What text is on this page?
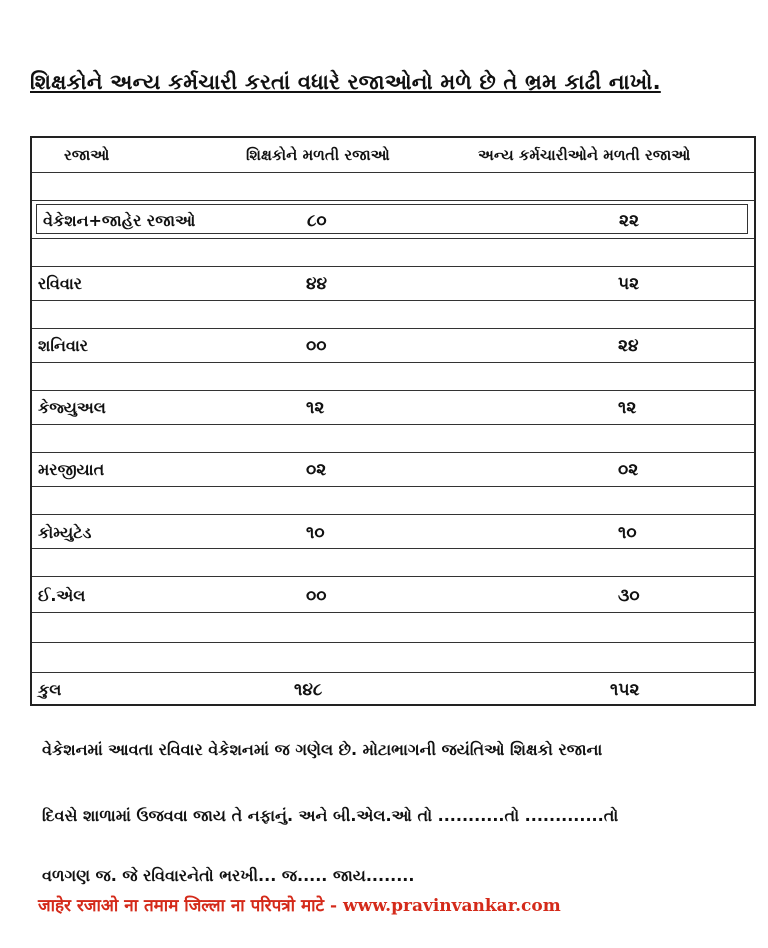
શિક્ષકોને અન્ય કર્મચારી કરતાં વધારે રજાઓનો મળે છે તે ભ્રમ કાઢી નાખો.
રજાઓ	શિક્ષકોને મળતી રજાઓ	અન્ય કર્મચારીઓને મળતી રજાઓ
વેકેશન+જાહેર રજાઓ	૮૦	૨૨
રવિવાર	૪૪	૫૨
શનિવાર	૦૦	૨૪
કેજ્યુઅલ	૧૨	૧૨
મરજીયાત	૦૨	૦૨
કોમ્યુટેડ	૧૦	૧૦
ઈ.એલ	૦૦	૩૦
કુલ	૧૪૮	૧૫૨
વેકેશનમાં આવતા રવિવાર વેકેશનમાં જ ગણેલ છે. મોટાભાગની જયંતિઓ શિક્ષકો રજાના
દિવસે શાળામાં ઉજવવા જાય તે નફાનું. અને બી.એલ.ઓ તો ...........તો .............તો
વળગણ જ. જે રવિવારનેતો ભરખી... જ..... જાય........
जाहेर रजाओ ना तमाम जिल्ला ना परिपत्रो माटे - www.pravinvankar.com
